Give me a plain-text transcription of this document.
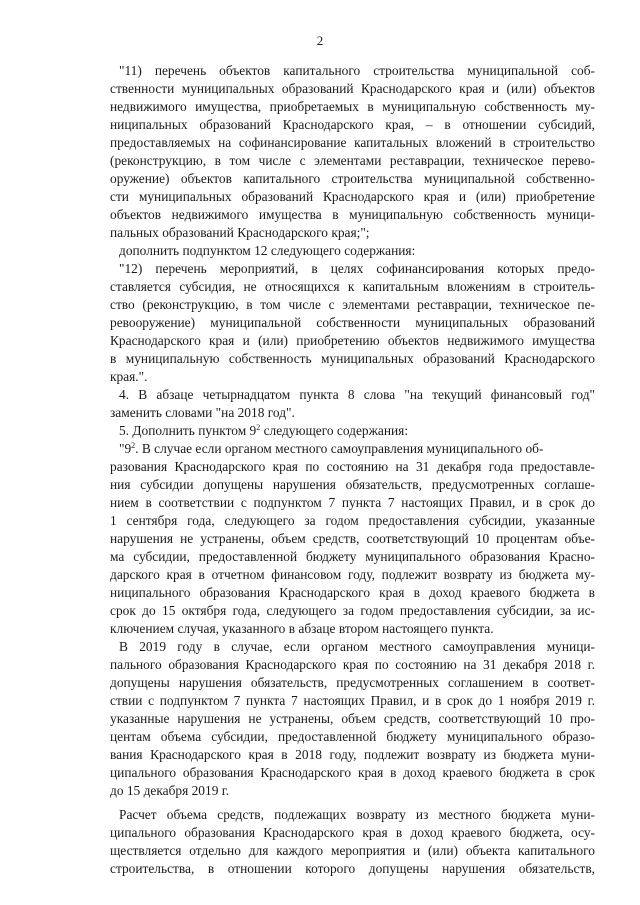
2
"11) перечень объектов капитального строительства муниципальной соб-
ственности муниципальных образований Краснодарского края и (или) объектов
недвижимого имущества, приобретаемых в муниципальную собственность му-
ниципальных образований Краснодарского края, – в отношении субсидий,
предоставляемых на софинансирование капитальных вложений в строительство
(реконструкцию, в том числе с элементами реставрации, техническое перево-
оружение) объектов капитального строительства муниципальной собственно-
сти муниципальных образований Краснодарского края и (или) приобретение
объектов недвижимого имущества в муниципальную собственность муници-
пальных образований Краснодарского края;";
дополнить подпунктом 12 следующего содержания:
"12) перечень мероприятий, в целях софинансирования которых предо-
ставляется субсидия, не относящихся к капитальным вложениям в строитель-
ство (реконструкцию, в том числе с элементами реставрации, техническое пе-
ревооружение) муниципальной собственности муниципальных образований
Краснодарского края и (или) приобретению объектов недвижимого имущества
в муниципальную собственность муниципальных образований Краснодарского
края.".
4. В абзаце четырнадцатом пункта 8 слова "на текущий финансовый год"
заменить словами "на 2018 год".
5. Дополнить пунктом $9^2$ следующего содержания:
"$9^2$. В случае если органом местного самоуправления муниципального об-
разования Краснодарского края по состоянию на 31 декабря года предоставле-
ния субсидии допущены нарушения обязательств, предусмотренных соглаше-
нием в соответствии с подпунктом 7 пункта 7 настоящих Правил, и в срок до
1 сентября года, следующего за годом предоставления субсидии, указанные
нарушения не устранены, объем средств, соответствующий 10 процентам объе-
ма субсидии, предоставленной бюджету муниципального образования Красно-
дарского края в отчетном финансовом году, подлежит возврату из бюджета му-
ниципального образования Краснодарского края в доход краевого бюджета в
срок до 15 октября года, следующего за годом предоставления субсидии, за ис-
ключением случая, указанного в абзаце втором настоящего пункта.
В 2019 году в случае, если органом местного самоуправления муници-
пального образования Краснодарского края по состоянию на 31 декабря 2018 г.
допущены нарушения обязательств, предусмотренных соглашением в соответ-
ствии с подпунктом 7 пункта 7 настоящих Правил, и в срок до 1 ноября 2019 г.
указанные нарушения не устранены, объем средств, соответствующий 10 про-
центам объема субсидии, предоставленной бюджету муниципального образо-
вания Краснодарского края в 2018 году, подлежит возврату из бюджета муни-
ципального образования Краснодарского края в доход краевого бюджета в срок
до 15 декабря 2019 г.
Расчет объема средств, подлежащих возврату из местного бюджета муни-
ципального образования Краснодарского края в доход краевого бюджета, осу-
ществляется отдельно для каждого мероприятия и (или) объекта капитального
строительства, в отношении которого допущены нарушения обязательств,
